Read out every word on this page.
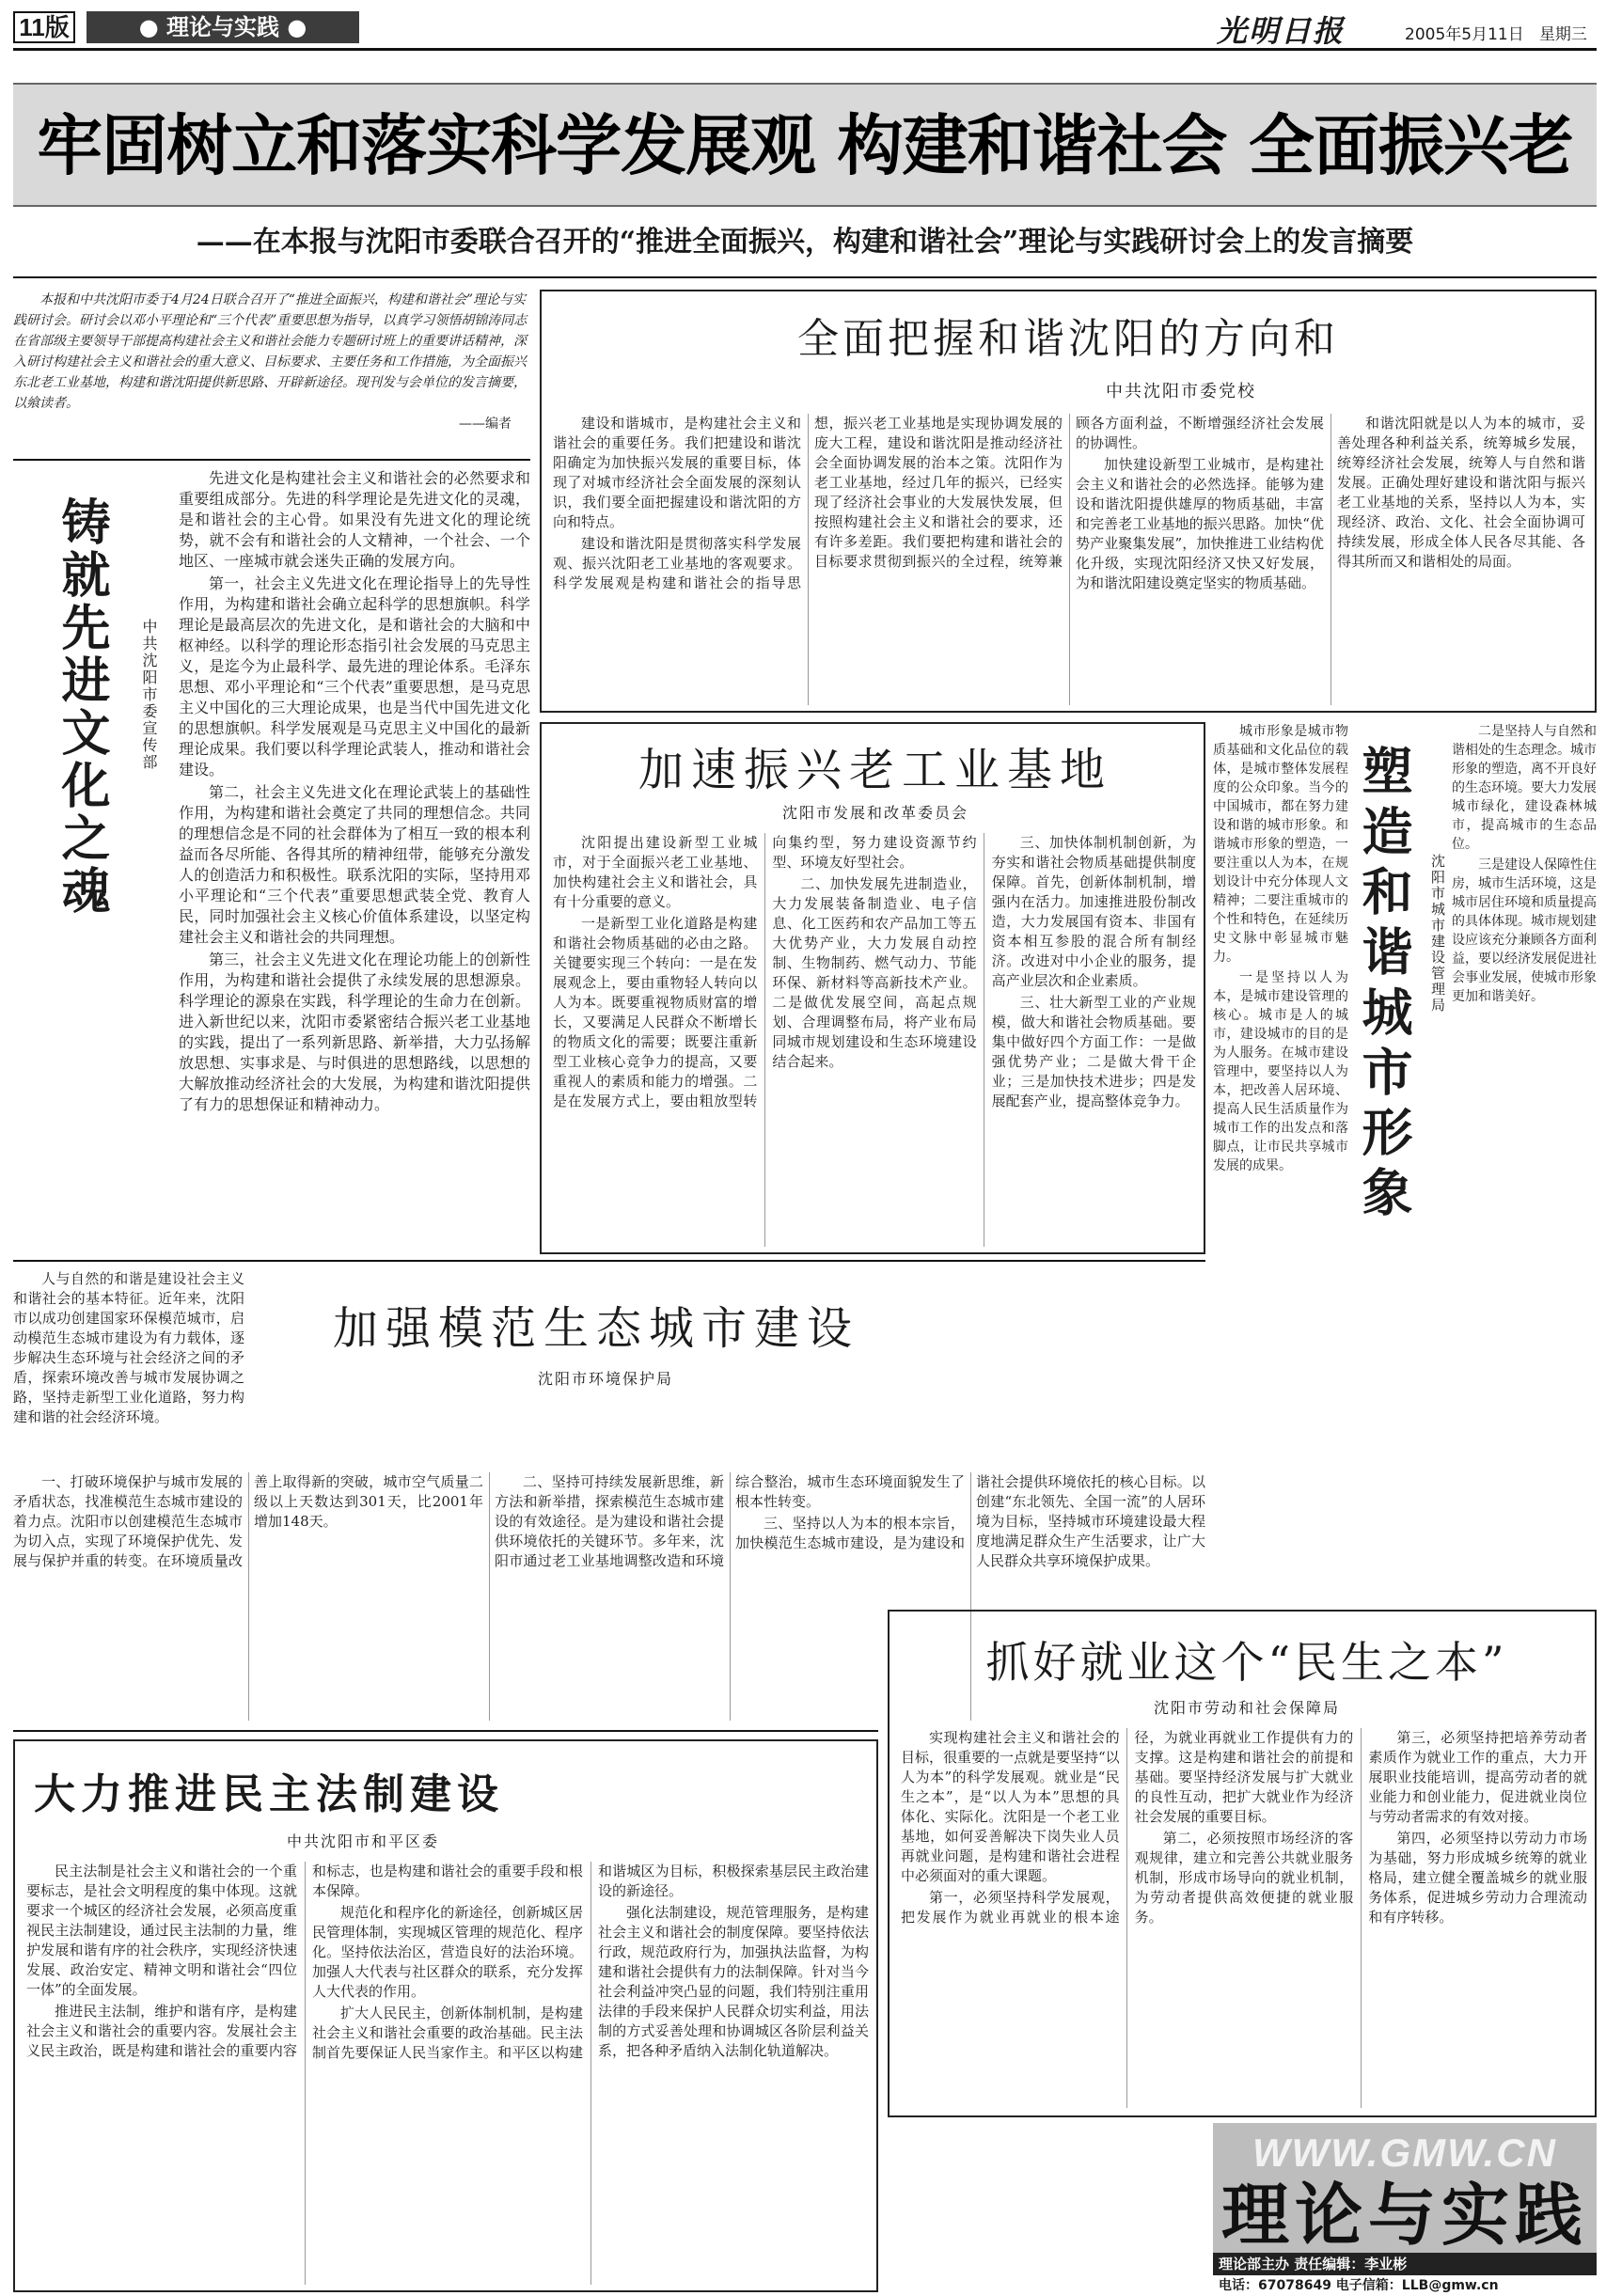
11版	● 理论与实践 ●	光明日报	2005年5月11日 星期三
牢固树立和落实科学发展观 构建和谐社会 全面振兴老
——在本报与沈阳市委联合召开的“推进全面振兴，构建和谐社会”理论与实践研讨会上的发言摘要

本报和中共沈阳市委于4月24日联合召开了“推进全面振兴，构建和谐社会”理论与实践研讨会。研讨会以邓小平理论和“三个代表”重要思想为指导，以真学习领悟胡锦涛同志在省部级主要领导干部提高构建社会主义和谐社会能力专题研讨班上的重要讲话精神，深入研讨构建社会主义和谐社会的重大意义、目标要求、主要任务和工作措施，为全面振兴东北老工业基地，构建和谐沈阳提供新思路、开辟新途径。现刊发与会单位的发言摘要，以飨读者。

——编者

铸就先进文化之魂	中共沈阳市委宣传部

先进文化是构建社会主义和谐社会的必然要求和重要组成部分。先进的科学理论是先进文化的灵魂，是和谐社会的主心骨。如果没有先进文化的理论统势，就不会有和谐社会的人文精神，一个社会、一个地区、一座城市就会迷失正确的发展方向。

第一，社会主义先进文化在理论指导上的先导性作用，为构建和谐社会确立起科学的思想旗帜。科学理论是最高层次的先进文化，是和谐社会的大脑和中枢神经。以科学的理论形态指引社会发展的马克思主义，是迄今为止最科学、最先进的理论体系。毛泽东思想、邓小平理论和“三个代表”重要思想，是马克思主义中国化的三大理论成果，也是当代中国先进文化的思想旗帜。科学发展观是马克思主义中国化的最新理论成果。我们要以科学理论武装人，推动和谐社会建设。

第二，社会主义先进文化在理论武装上的基础性作用，为构建和谐社会奠定了共同的理想信念。共同的理想信念是不同的社会群体为了相互一致的根本利益而各尽所能、各得其所的精神纽带，能够充分激发人的创造活力和积极性。联系沈阳的实际，坚持用邓小平理论和“三个代表”重要思想武装全党、教育人民，同时加强社会主义核心价值体系建设，以坚定构建社会主义和谐社会的共同理想。

第三，社会主义先进文化在理论功能上的创新性作用，为构建和谐社会提供了永续发展的思想源泉。科学理论的源泉在实践，科学理论的生命力在创新。进入新世纪以来，沈阳市委紧密结合振兴老工业基地的实践，提出了一系列新思路、新举措，大力弘扬解放思想、实事求是、与时俱进的思想路线，以思想的大解放推动经济社会的大发展，为构建和谐沈阳提供了有力的思想保证和精神动力。

全面把握和谐沈阳的方向和
中共沈阳市委党校

建设和谐城市，是构建社会主义和谐社会的重要任务。我们把建设和谐沈阳确定为加快振兴发展的重要目标，体现了对城市经济社会全面发展的深刻认识，我们要全面把握建设和谐沈阳的方向和特点。

建设和谐沈阳是贯彻落实科学发展观、振兴沈阳老工业基地的客观要求。科学发展观是构建和谐社会的指导思想，振兴老工业基地是实现协调发展的庞大工程，建设和谐沈阳是推动经济社会全面协调发展的治本之策。沈阳作为老工业基地，经过几年的振兴，已经实现了经济社会事业的大发展快发展，但按照构建社会主义和谐社会的要求，还有许多差距。我们要把构建和谐社会的目标要求贯彻到振兴的全过程，统筹兼顾各方面利益，不断增强经济社会发展的协调性。

加快建设新型工业城市，是构建社会主义和谐社会的必然选择。能够为建设和谐沈阳提供雄厚的物质基础，丰富和完善老工业基地的振兴思路。加快“优势产业聚集发展”，加快推进工业结构优化升级，实现沈阳经济又快又好发展，为和谐沈阳建设奠定坚实的物质基础。

和谐沈阳就是以人为本的城市，妥善处理各种利益关系，统筹城乡发展，统筹经济社会发展，统筹人与自然和谐发展。正确处理好建设和谐沈阳与振兴老工业基地的关系，坚持以人为本，实现经济、政治、文化、社会全面协调可持续发展，形成全体人民各尽其能、各得其所而又和谐相处的局面。

加速振兴老工业基地
沈阳市发展和改革委员会

沈阳提出建设新型工业城市，对于全面振兴老工业基地、加快构建社会主义和谐社会，具有十分重要的意义。

一是新型工业化道路是构建和谐社会物质基础的必由之路。关键要实现三个转向：一是在发展观念上，要由重物轻人转向以人为本。既要重视物质财富的增长，又要满足人民群众不断增长的物质文化的需要；既要注重新型工业核心竞争力的提高，又要重视人的素质和能力的增强。二是在发展方式上，要由粗放型转向集约型，努力建设资源节约型、环境友好型社会。

二、加快发展先进制造业，大力发展装备制造业、电子信息、化工医药和农产品加工等五大优势产业，大力发展自动控制、生物制药、燃气动力、节能环保、新材料等高新技术产业。二是做优发展空间，高起点规划、合理调整布局，将产业布局同城市规划建设和生态环境建设结合起来。

三、加快体制机制创新，为夯实和谐社会物质基础提供制度保障。首先，创新体制机制，增强内在活力。加速推进股份制改造，大力发展国有资本、非国有资本相互参股的混合所有制经济。改进对中小企业的服务，提高产业层次和企业素质。

三、壮大新型工业的产业规模，做大和谐社会物质基础。要集中做好四个方面工作：一是做强优势产业；二是做大骨干企业；三是加快技术进步；四是发展配套产业，提高整体竞争力。

城市形象是城市物质基础和文化品位的载体，是城市整体发展程度的公众印象。当今的中国城市，都在努力建设和谐的城市形象。和谐城市形象的塑造，一要注重以人为本，在规划设计中充分体现人文精神；二要注重城市的个性和特色，在延续历史文脉中彰显城市魅力。

一是坚持以人为本，是城市建设管理的核心。城市是人的城市，建设城市的目的是为人服务。在城市建设管理中，要坚持以人为本，把改善人居环境、提高人民生活质量作为城市工作的出发点和落脚点，让市民共享城市发展的成果。	塑造和谐城市形象	沈阳市城市建设管理局

二是坚持人与自然和谐相处的生态理念。城市形象的塑造，离不开良好的生态环境。要大力发展城市绿化，建设森林城市，提高城市的生态品位。

三是建设人保障性住房，城市生活环境，这是城市居住环境和质量提高的具体体现。城市规划建设应该充分兼顾各方面利益，要以经济发展促进社会事业发展，使城市形象更加和谐美好。

人与自然的和谐是建设社会主义和谐社会的基本特征。近年来，沈阳市以成功创建国家环保模范城市，启动模范生态城市建设为有力载体，逐步解决生态环境与社会经济之间的矛盾，探索环境改善与城市发展协调之路，坚持走新型工业化道路，努力构建和谐的社会经济环境。

加强模范生态城市建设
沈阳市环境保护局

一、打破环境保护与城市发展的矛盾状态，找准模范生态城市建设的着力点。沈阳市以创建模范生态城市为切入点，实现了环境保护优先、发展与保护并重的转变。在环境质量改善上取得新的突破，城市空气质量二级以上天数达到301天，比2001年增加148天。

二、坚持可持续发展新思维，新方法和新举措，探索模范生态城市建设的有效途径。是为建设和谐社会提供环境依托的关键环节。多年来，沈阳市通过老工业基地调整改造和环境综合整治，城市生态环境面貌发生了根本性转变。

三、坚持以人为本的根本宗旨，加快模范生态城市建设，是为建设和谐社会提供环境依托的核心目标。以创建“东北领先、全国一流”的人居环境为目标，坚持城市环境建设最大程度地满足群众生产生活要求，让广大人民群众共享环境保护成果。

抓好就业这个“民生之本”
沈阳市劳动和社会保障局

实现构建社会主义和谐社会的目标，很重要的一点就是要坚持“以人为本”的科学发展观。就业是“民生之本”，是“以人为本”思想的具体化、实际化。沈阳是一个老工业基地，如何妥善解决下岗失业人员再就业问题，是构建和谐社会进程中必须面对的重大课题。

第一，必须坚持科学发展观，把发展作为就业再就业的根本途径，为就业再就业工作提供有力的支撑。这是构建和谐社会的前提和基础。要坚持经济发展与扩大就业的良性互动，把扩大就业作为经济社会发展的重要目标。

第二，必须按照市场经济的客观规律，建立和完善公共就业服务机制，形成市场导向的就业机制，为劳动者提供高效便捷的就业服务。

第三，必须坚持把培养劳动者素质作为就业工作的重点，大力开展职业技能培训，提高劳动者的就业能力和创业能力，促进就业岗位与劳动者需求的有效对接。

第四，必须坚持以劳动力市场为基础，努力形成城乡统筹的就业格局，建立健全覆盖城乡的就业服务体系，促进城乡劳动力合理流动和有序转移。

大力推进民主法制建设
中共沈阳市和平区委

民主法制是社会主义和谐社会的一个重要标志，是社会文明程度的集中体现。这就要求一个城区的经济社会发展，必须高度重视民主法制建设，通过民主法制的力量，维护发展和谐有序的社会秩序，实现经济快速发展、政治安定、精神文明和谐社会“四位一体”的全面发展。

推进民主法制，维护和谐有序，是构建社会主义和谐社会的重要内容。发展社会主义民主政治，既是构建和谐社会的重要内容和标志，也是构建和谐社会的重要手段和根本保障。

规范化和程序化的新途径，创新城区居民管理体制，实现城区管理的规范化、程序化。坚持依法治区，营造良好的法治环境。加强人大代表与社区群众的联系，充分发挥人大代表的作用。

扩大人民民主，创新体制机制，是构建社会主义和谐社会重要的政治基础。民主法制首先要保证人民当家作主。和平区以构建和谐城区为目标，积极探索基层民主政治建设的新途径。

强化法制建设，规范管理服务，是构建社会主义和谐社会的制度保障。要坚持依法行政，规范政府行为，加强执法监督，为构建和谐社会提供有力的法制保障。针对当今社会利益冲突凸显的问题，我们特别注重用法律的手段来保护人民群众切实利益，用法制的方式妥善处理和协调城区各阶层利益关系，把各种矛盾纳入法制化轨道解决。

WWW.GMW.CN
理论与实践
理论部主办 责任编辑：李业彬
电话：67078649 电子信箱：LLB@gmw.cn
